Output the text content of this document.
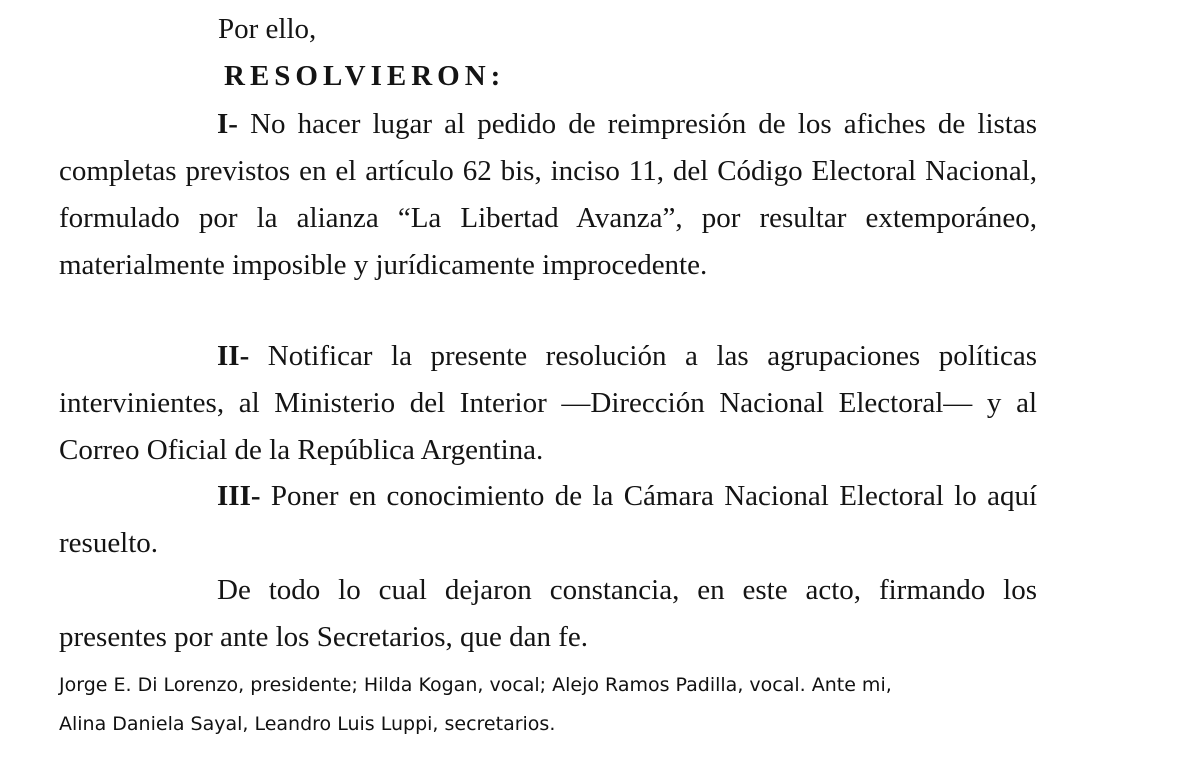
Por ello,
RESOLVIERON:

I- No hacer lugar al pedido de reimpresión de los afiches de listas completas previstos en el artículo 62 bis, inciso 11, del Código Electoral Nacional, formulado por la alianza “La Libertad Avanza”, por resultar extemporáneo, materialmente imposible y jurídicamente improcedente.

II- Notificar la presente resolución a las agrupaciones políticas intervinientes, al Ministerio del Interior —Dirección Nacional Electoral— y al Correo Oficial de la República Argentina.

III- Poner en conocimiento de la Cámara Nacional Electoral lo aquí resuelto.

De todo lo cual dejaron constancia, en este acto, firmando los presentes por ante los Secretarios, que dan fe.

Jorge E. Di Lorenzo, presidente; Hilda Kogan, vocal; Alejo Ramos Padilla, vocal. Ante mi,
Alina Daniela Sayal, Leandro Luis Luppi, secretarios.
